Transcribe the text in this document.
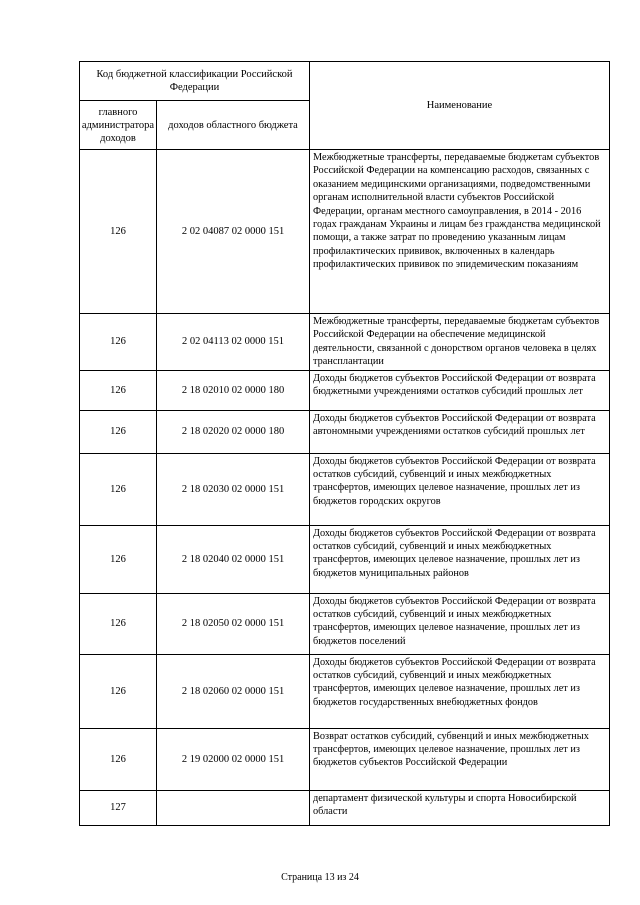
Код бюджетной классификации Российской Федерации		Наименование
главного администратора доходов	доходов областного бюджета	
126	2 02 04087 02 0000 151	Межбюджетные трансферты, передаваемые бюджетам субъектов Российской Федерации на компенсацию расходов, связанных с оказанием медицинскими организациями, подведомственными органам исполнительной власти субъектов Российской Федерации, органам местного самоуправления, в 2014 - 2016 годах гражданам Украины и лицам без гражданства медицинской помощи, а также затрат по проведению указанным лицам профилактических прививок, включенных в календарь профилактических прививок по эпидемическим показаниям
126	2 02 04113 02 0000 151	Межбюджетные трансферты, передаваемые бюджетам субъектов Российской Федерации на обеспечение медицинской деятельности, связанной с донорством органов человека в целях трансплантации
126	2 18 02010 02 0000 180	Доходы бюджетов субъектов Российской Федерации от возврата бюджетными учреждениями остатков субсидий прошлых лет
126	2 18 02020 02 0000 180	Доходы бюджетов субъектов Российской Федерации от возврата автономными учреждениями остатков субсидий прошлых лет
126	2 18 02030 02 0000 151	Доходы бюджетов субъектов Российской Федерации от возврата остатков субсидий, субвенций и иных межбюджетных трансфертов, имеющих целевое назначение, прошлых лет из бюджетов городских округов
126	2 18 02040 02 0000 151	Доходы бюджетов субъектов Российской Федерации от возврата остатков субсидий, субвенций и иных межбюджетных трансфертов, имеющих целевое назначение, прошлых лет из бюджетов муниципальных районов
126	2 18 02050 02 0000 151	Доходы бюджетов субъектов Российской Федерации от возврата остатков субсидий, субвенций и иных межбюджетных трансфертов, имеющих целевое назначение, прошлых лет из бюджетов поселений
126	2 18 02060 02 0000 151	Доходы бюджетов субъектов Российской Федерации от возврата остатков субсидий, субвенций и иных межбюджетных трансфертов, имеющих целевое назначение, прошлых лет из бюджетов государственных внебюджетных фондов
126	2 19 02000 02 0000 151	Возврат остатков субсидий, субвенций и иных межбюджетных трансфертов, имеющих целевое назначение, прошлых лет из бюджетов субъектов Российской Федерации
127		департамент физической культуры и спорта Новосибирской области
Страница 13 из 24
